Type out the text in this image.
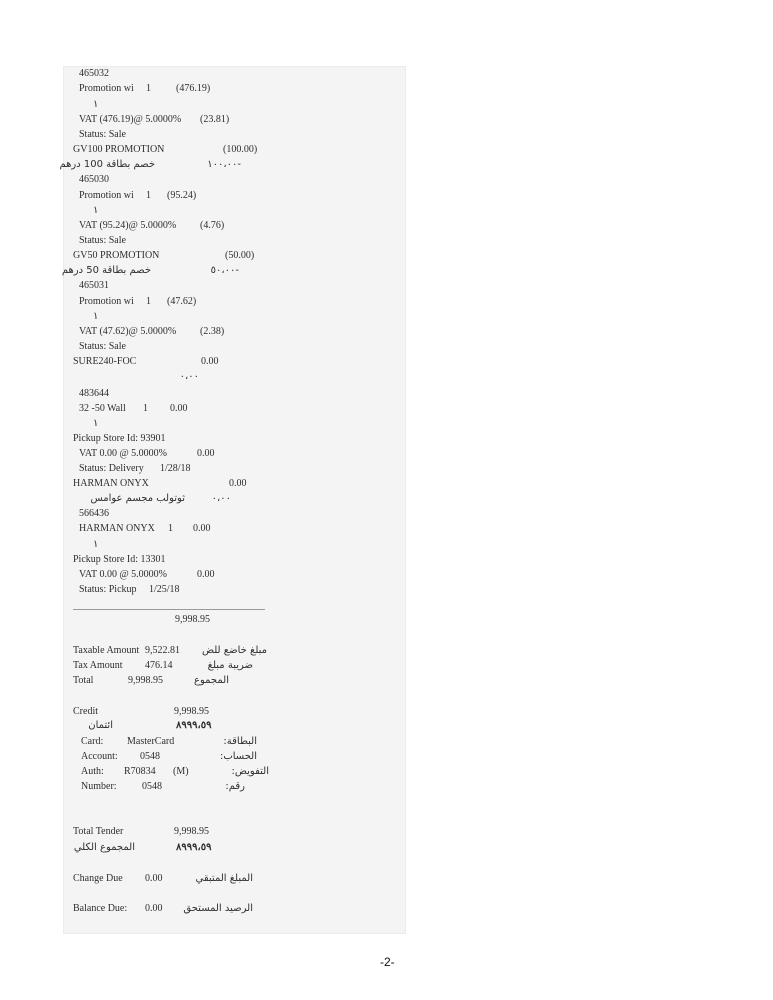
465032
Promotion wi 1	(476.19)
١
VAT (476.19)@ 5.0000% (23.81)
Status: Sale
GV100 PROMOTION	(100.00)
خصم بطاقة 100 درهم	-١٠٠،٠٠
465030
Promotion wi 1 (95.24)
١
VAT (95.24)@ 5.0000% (4.76)
Status: Sale
GV50 PROMOTION	(50.00)
خصم بطاقة 50 درهم	-٥٠،٠٠
465031
Promotion wi 1 (47.62)
١
VAT (47.62)@ 5.0000% (2.38)
Status: Sale
SURE240-FOC	0.00
٠،٠٠
483644
32 -50 Wall 1 0.00
١
Pickup Store Id: 93901
VAT 0.00 @ 5.0000%	0.00
Status: Delivery 1/28/18
HARMAN ONYX	0.00
ثوتولب مجسم عوامس	٠،٠٠
566436
HARMAN ONYX 1 0.00
١
Pickup Store Id: 13301
VAT 0.00 @ 5.0000%	0.00
Status: Pickup 1/25/18
9,998.95
Taxable Amount 9,522.81	مبلغ خاضع للض
Tax Amount 476.14	ضريبة مبلغ
Total	9,998.95	المجموع
Credit	9,998.95
ائتمان	٨٩٩٩،٥٩
Card: MasterCard	البطاقة:
Account: 0548	الحساب:
Auth: R70834 (M)	التفويض:
Number:	0548	رقم:
Total Tender	9,998.95
المجموع الكلي	٨٩٩٩،٥٩
Change Due 0.00	المبلغ المتبقي
Balance Due: 0.00	الرصيد المستحق
-2-
